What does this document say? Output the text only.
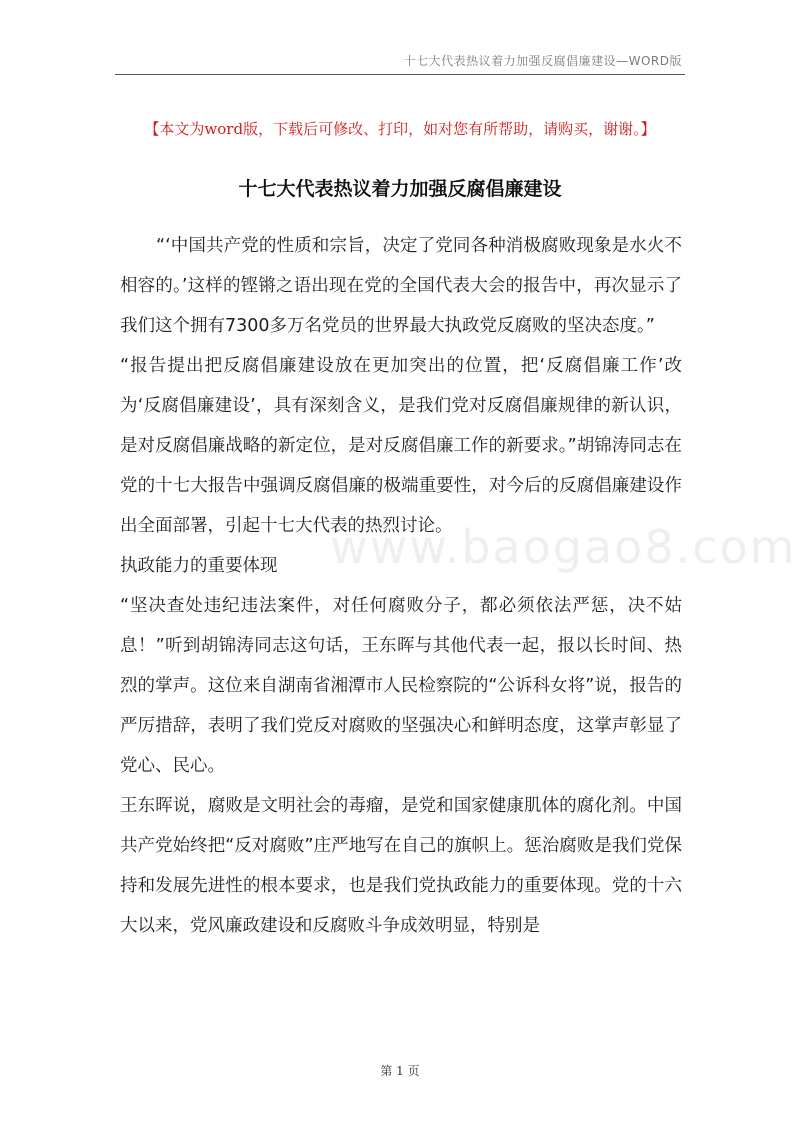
十七大代表热议着力加强反腐倡廉建设—WORD版
【本文为word版，下载后可修改、打印，如对您有所帮助，请购买，谢谢。】
十七大代表热议着力加强反腐倡廉建设
www.baogao8.com

“‘中国共产党的性质和宗旨，决定了党同各种消极腐败现象是水火不相容的。’这样的铿锵之语出现在党的全国代表大会的报告中，再次显示了我们这个拥有7300多万名党员的世界最大执政党反腐败的坚决态度。”

“报告提出把反腐倡廉建设放在更加突出的位置，把‘反腐倡廉工作’改为‘反腐倡廉建设’，具有深刻含义，是我们党对反腐倡廉规律的新认识，是对反腐倡廉战略的新定位，是对反腐倡廉工作的新要求。”胡锦涛同志在党的十七大报告中强调反腐倡廉的极端重要性，对今后的反腐倡廉建设作出全面部署，引起十七大代表的热烈讨论。

执政能力的重要体现

“坚决查处违纪违法案件，对任何腐败分子，都必须依法严惩，决不姑息！”听到胡锦涛同志这句话，王东晖与其他代表一起，报以长时间、热烈的掌声。这位来自湖南省湘潭市人民检察院的“公诉科女将”说，报告的严厉措辞，表明了我们党反对腐败的坚强决心和鲜明态度，这掌声彰显了党心、民心。

王东晖说，腐败是文明社会的毒瘤，是党和国家健康肌体的腐化剂。中国共产党始终把“反对腐败”庄严地写在自己的旗帜上。惩治腐败是我们党保持和发展先进性的根本要求，也是我们党执政能力的重要体现。党的十六大以来，党风廉政建设和反腐败斗争成效明显，特别是

第 1 页
